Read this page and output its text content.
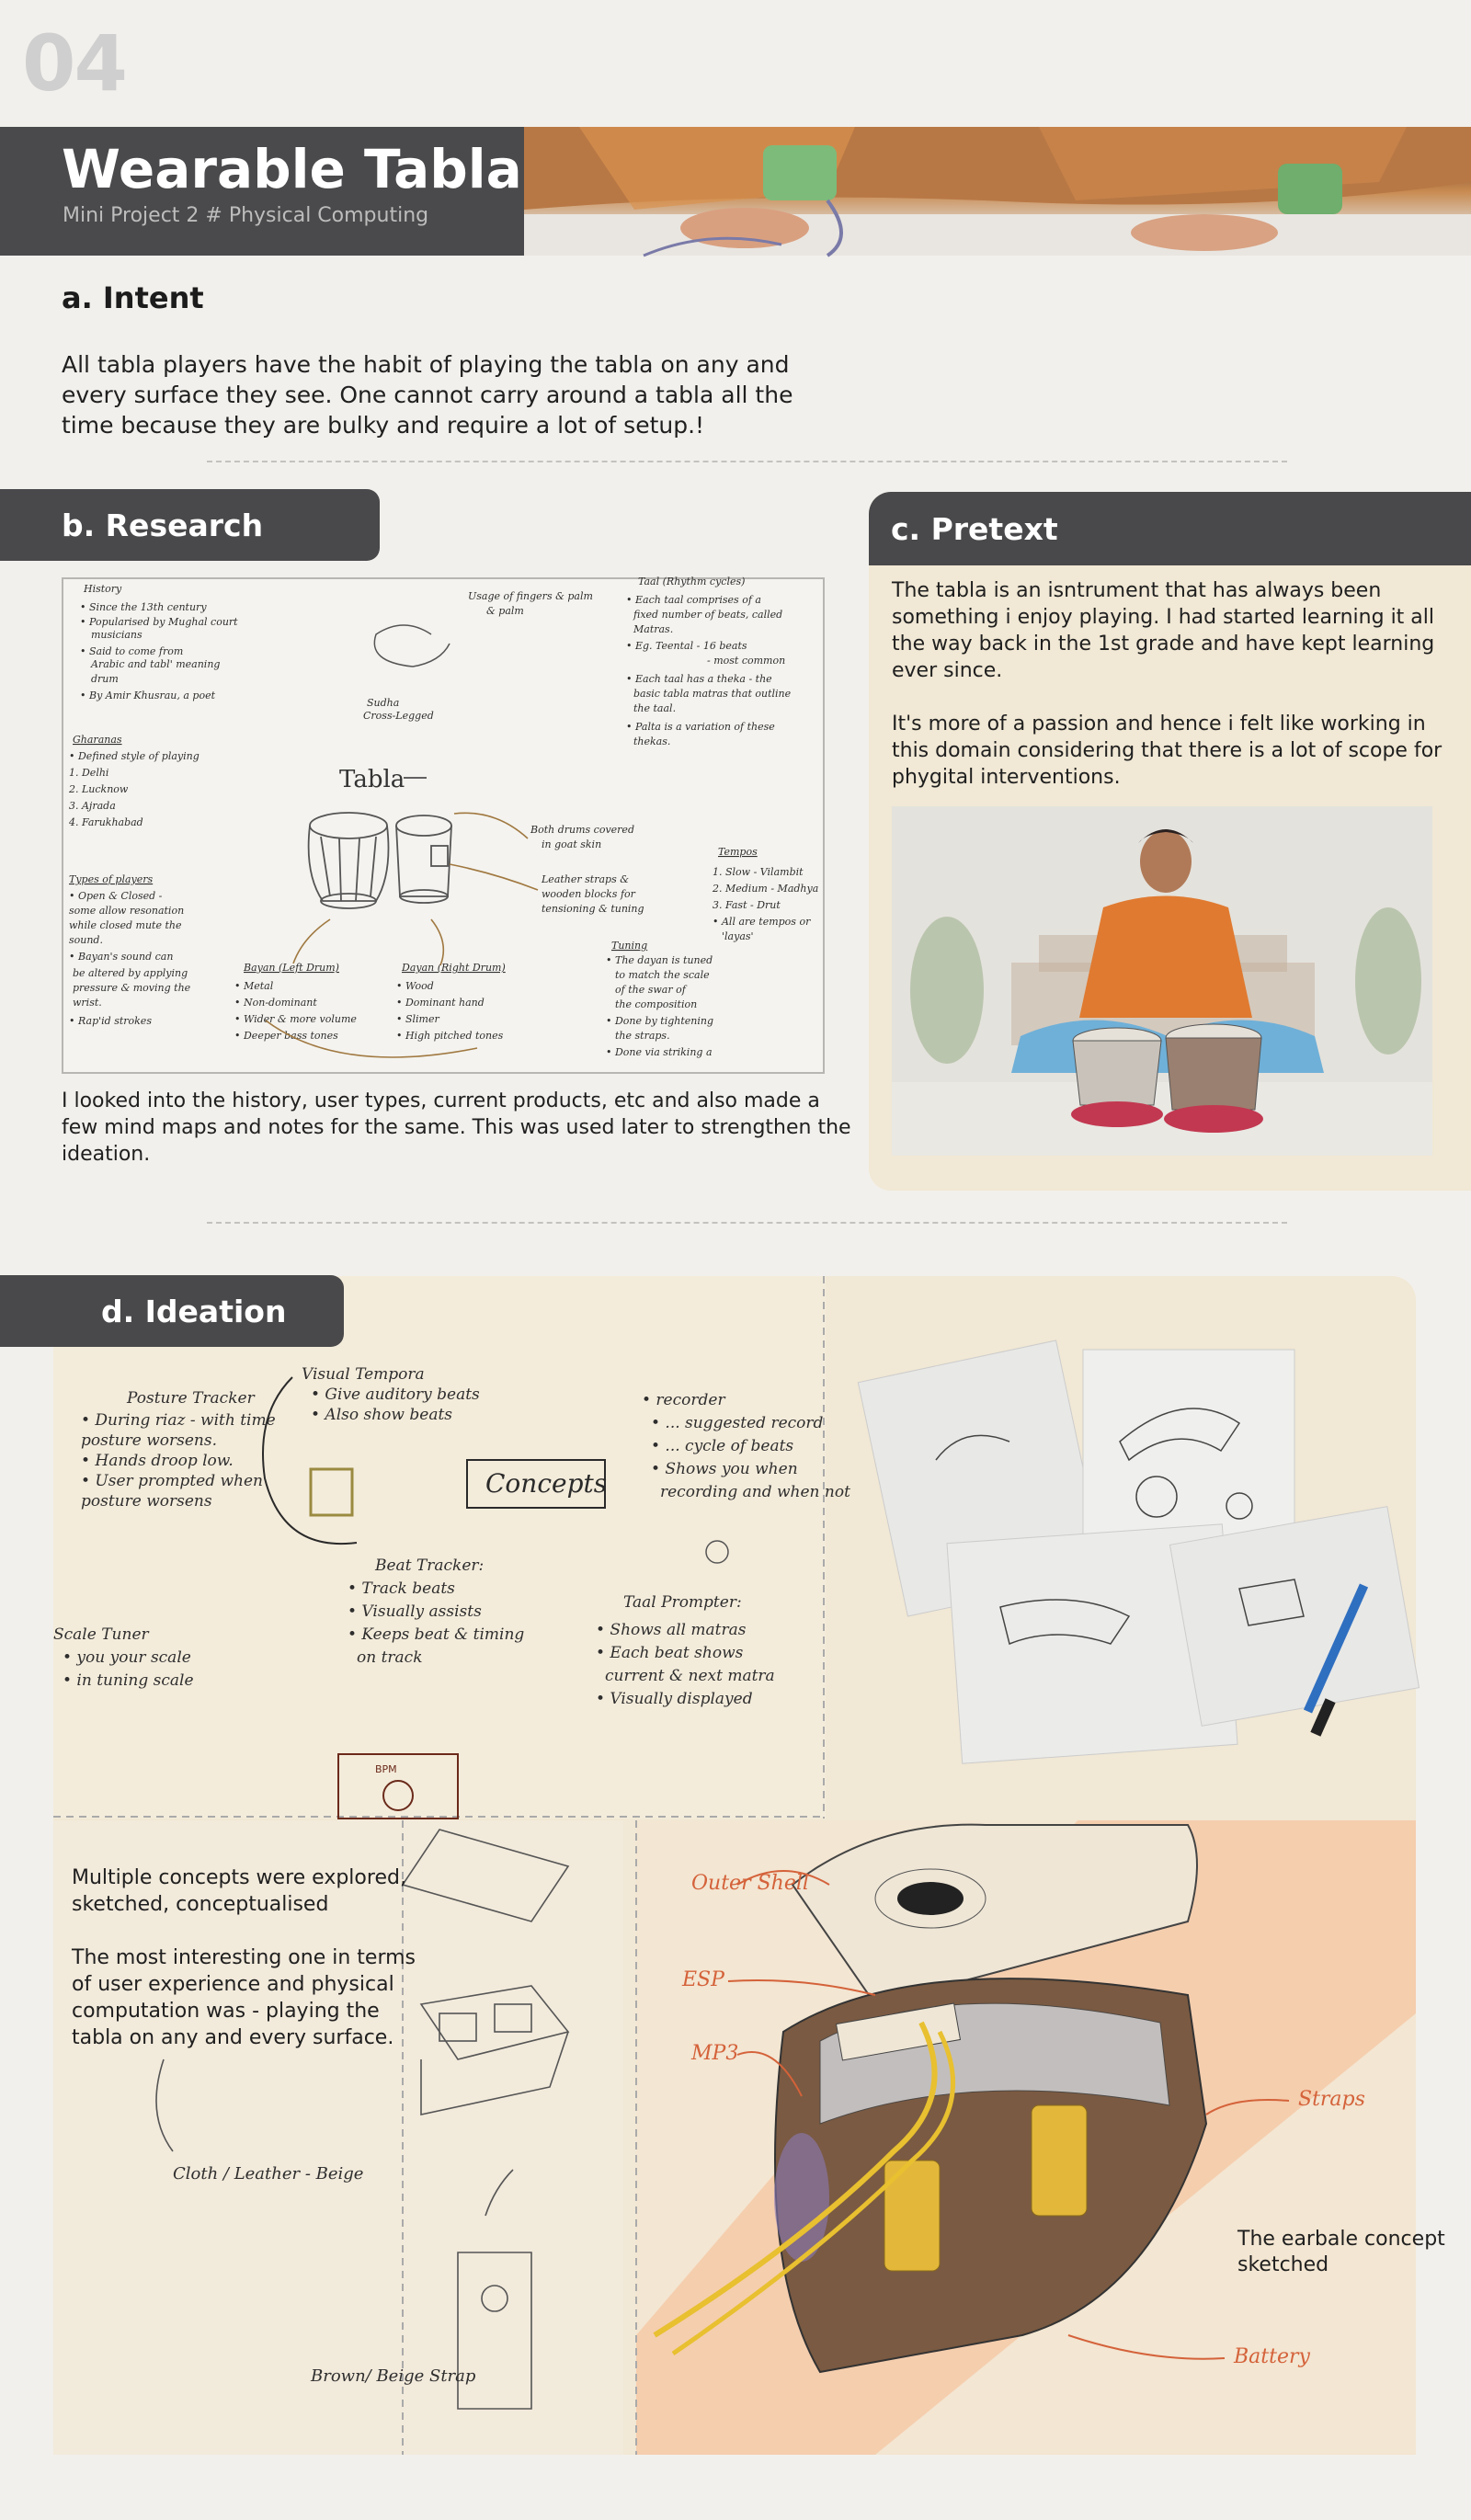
04
Wearable Tabla
Mini Project 2 # Physical Computing
a. Intent
All tabla players have the habit of playing the tabla on any and
every surface they see. One cannot carry around a tabla all the
time because they are bulky and require a lot of setup.!
b. Research
History
• Since the 13th century
• Popularised by Mughal court
musicians
• Said to come from
Arabic and tabl' meaning
drum
• By Amir Khusrau, a poet
Gharanas
• Defined style of playing
1. Delhi
2. Lucknow
3. Ajrada
4. Farukhabad
Types of players
• Open & Closed -
some allow resonation
while closed mute the
sound.
• Bayan's sound can
be altered by applying
pressure & moving the
wrist.
• Rap'id strokes
Usage of fingers & palm
& palm
Sudha
Cross-Legged
Taal (Rhythm cycles)
• Each taal comprises of a
fixed number of beats, called
Matras.
• Eg. Teental - 16 beats
- most common
• Each taal has a theka - the
basic tabla matras that outline
the taal.
• Palta is a variation of these
thekas.
Both drums covered
in goat skin
Leather straps &
wooden blocks for
tensioning & tuning
Tempos
1. Slow - Vilambit
2. Medium - Madhya
3. Fast - Drut
• All are tempos or
'layas'
Bayan (Left Drum)
• Metal
• Non-dominant
• Wider & more volume
• Deeper bass tones
Dayan (Right Drum)
• Wood
• Dominant hand
• Slimer
• High pitched tones
Tuning
• The dayan is tuned
to match the scale
of the swar of
the composition
• Done by tightening
the straps.
• Done via striking a
Tabla
I looked into the history, user types, current products, etc and also made a
few mind maps and notes for the same. This was used later to strengthen the
ideation.
c. Pretext
The tabla is an isntrument that has always been
something i enjoy playing. I had started learning it all
the way back in the 1st grade and have kept learning
ever since.
It's more of a passion and hence i felt like working in
this domain considering that there is a lot of scope for
phygital interventions.
Visual Tempora
• Give auditory beats
• Also show beats
Posture Tracker
• During riaz - with time
posture worsens.
• Hands droop low.
• User prompted when
posture worsens
Beat Tracker:
• Track beats
• Visually assists
• Keeps beat & timing
on track
Taal Prompter:
• Shows all matras
• Each beat shows
current & next matra
• Visually displayed
Scale Tuner
• you your scale
• in tuning scale
• recorder
• ... suggested record
• ... cycle of beats
• Shows you when
recording and when not
Concepts
BPM
Cloth / Leather - Beige
Brown/ Beige Strap
Outer Shell
ESP
MP3
Straps
Battery
The earbale concept
sketched
Multiple concepts were explored,
sketched, conceptualised
The most interesting one in terms
of user experience and physical
computation was - playing the
tabla on any and every surface.
d. Ideation
